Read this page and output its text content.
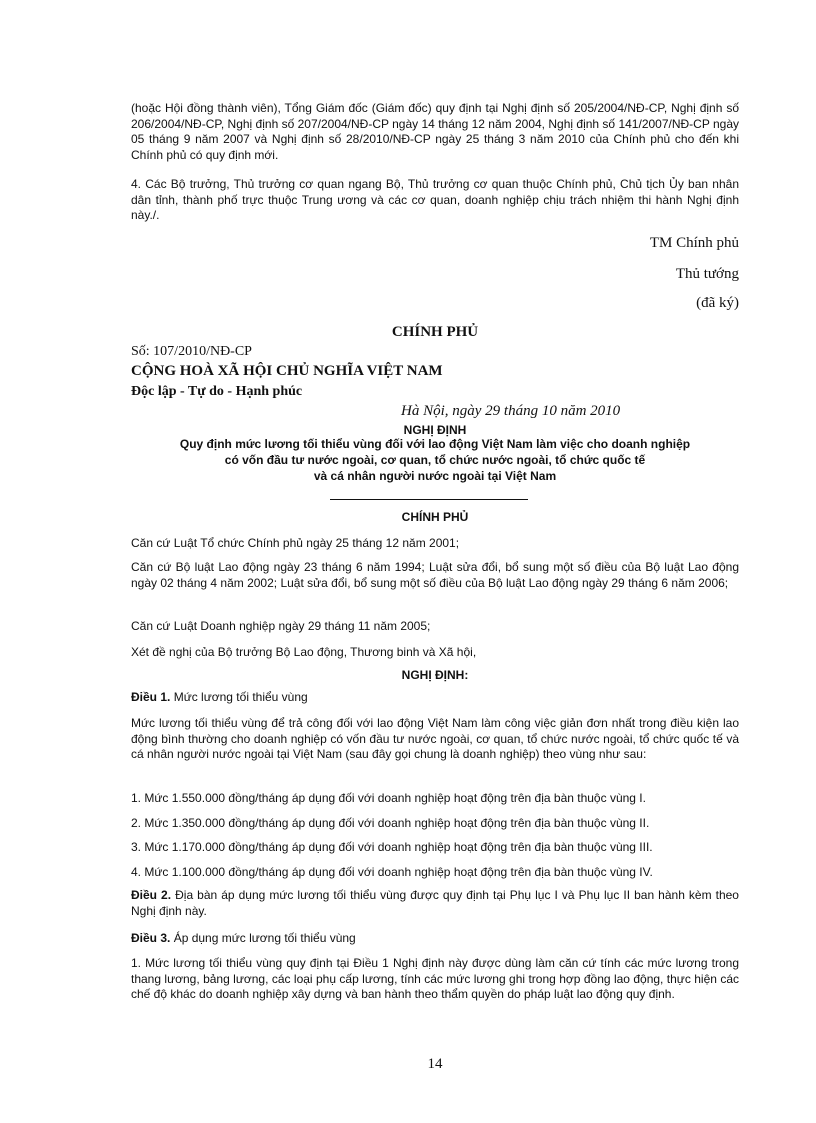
(hoặc Hội đồng thành viên), Tổng Giám đốc (Giám đốc) quy định tại Nghị định số 205/2004/NĐ-CP, Nghị định số 206/2004/NĐ-CP, Nghị định số 207/2004/NĐ-CP ngày 14 tháng 12 năm 2004, Nghị định số 141/2007/NĐ-CP ngày 05 tháng 9 năm 2007 và Nghị định số 28/2010/NĐ-CP ngày 25 tháng 3 năm 2010 của Chính phủ cho đến khi Chính phủ có quy định mới.

4. Các Bộ trưởng, Thủ trưởng cơ quan ngang Bộ, Thủ trưởng cơ quan thuộc Chính phủ, Chủ tịch Ủy ban nhân dân tỉnh, thành phố trực thuộc Trung ương và các cơ quan, doanh nghiệp chịu trách nhiệm thi hành Nghị định này./.

TM Chính phủ
Thủ tướng
(đã ký)
CHÍNH PHỦ
Số: 107/2010/NĐ-CP
CỘNG HOÀ XÃ HỘI CHỦ NGHĨA VIỆT NAM
Độc lập - Tự do - Hạnh phúc
Hà Nội, ngày 29 tháng 10 năm 2010
NGHỊ ĐỊNH
Quy định mức lương tối thiểu vùng đối với lao động Việt Nam làm việc cho doanh nghiệp
có vốn đầu tư nước ngoài, cơ quan, tổ chức nước ngoài, tổ chức quốc tế
và cá nhân người nước ngoài tại Việt Nam
CHÍNH PHỦ

Căn cứ Luật Tổ chức Chính phủ ngày 25 tháng 12 năm 2001;

Căn cứ Bộ luật Lao động ngày 23 tháng 6 năm 1994; Luật sửa đổi, bổ sung một số điều của Bộ luật Lao động ngày 02 tháng 4 năm 2002; Luật sửa đổi, bổ sung một số điều của Bộ luật Lao động ngày 29 tháng 6 năm 2006;

Căn cứ Luật Doanh nghiệp ngày 29 tháng 11 năm 2005;

Xét đề nghị của Bộ trưởng Bộ Lao động, Thương binh và Xã hội,

NGHỊ ĐỊNH:

Điều 1. Mức lương tối thiểu vùng

Mức lương tối thiểu vùng để trả công đối với lao động Việt Nam làm công việc giản đơn nhất trong điều kiện lao động bình thường cho doanh nghiệp có vốn đầu tư nước ngoài, cơ quan, tổ chức nước ngoài, tổ chức quốc tế và cá nhân người nước ngoài tại Việt Nam (sau đây gọi chung là doanh nghiệp) theo vùng như sau:

1. Mức 1.550.000 đồng/tháng áp dụng đối với doanh nghiệp hoạt động trên địa bàn thuộc vùng I.

2. Mức 1.350.000 đồng/tháng áp dụng đối với doanh nghiệp hoạt động trên địa bàn thuộc vùng II.

3. Mức 1.170.000 đồng/tháng áp dụng đối với doanh nghiệp hoạt động trên địa bàn thuộc vùng III.

4. Mức 1.100.000 đồng/tháng áp dụng đối với doanh nghiệp hoạt động trên địa bàn thuộc vùng IV.

Điều 2. Địa bàn áp dụng mức lương tối thiểu vùng được quy định tại Phụ lục I và Phụ lục II ban hành kèm theo Nghị định này.

Điều 3. Áp dụng mức lương tối thiểu vùng

1. Mức lương tối thiểu vùng quy định tại Điều 1 Nghị định này được dùng làm căn cứ tính các mức lương trong thang lương, bảng lương, các loại phụ cấp lương, tính các mức lương ghi trong hợp đồng lao động, thực hiện các chế độ khác do doanh nghiệp xây dựng và ban hành theo thẩm quyền do pháp luật lao động quy định.

14
